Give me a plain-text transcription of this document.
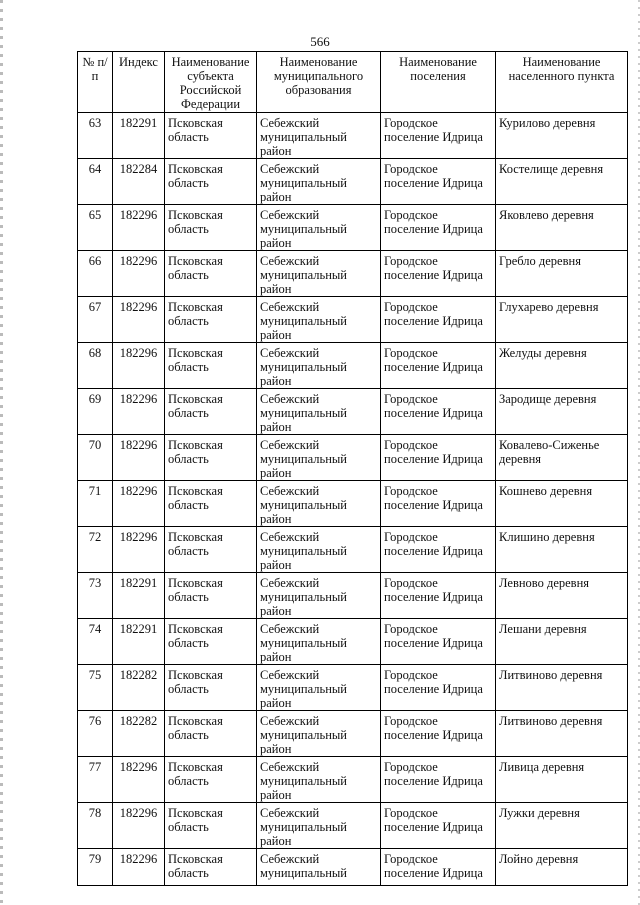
566
№ п/п	Индекс	Наименование субъекта Российской Федерации	Наименование муниципального образования	Наименование поселения	Наименование населенного пункта
63	182291	Псковская область	Себежский муниципальный район	Городское поселение Идрица	Курилово деревня
64	182284	Псковская область	Себежский муниципальный район	Городское поселение Идрица	Костелище деревня
65	182296	Псковская область	Себежский муниципальный район	Городское поселение Идрица	Яковлево деревня
66	182296	Псковская область	Себежский муниципальный район	Городское поселение Идрица	Гребло деревня
67	182296	Псковская область	Себежский муниципальный район	Городское поселение Идрица	Глухарево деревня
68	182296	Псковская область	Себежский муниципальный район	Городское поселение Идрица	Желуды деревня
69	182296	Псковская область	Себежский муниципальный район	Городское поселение Идрица	Зародище деревня
70	182296	Псковская область	Себежский муниципальный район	Городское поселение Идрица	Ковалево-Сиженье деревня
71	182296	Псковская область	Себежский муниципальный район	Городское поселение Идрица	Кошнево деревня
72	182296	Псковская область	Себежский муниципальный район	Городское поселение Идрица	Клишино деревня
73	182291	Псковская область	Себежский муниципальный район	Городское поселение Идрица	Левново деревня
74	182291	Псковская область	Себежский муниципальный район	Городское поселение Идрица	Лешани деревня
75	182282	Псковская область	Себежский муниципальный район	Городское поселение Идрица	Литвиново деревня
76	182282	Псковская область	Себежский муниципальный район	Городское поселение Идрица	Литвиново деревня
77	182296	Псковская область	Себежский муниципальный район	Городское поселение Идрица	Ливица деревня
78	182296	Псковская область	Себежский муниципальный район	Городское поселение Идрица	Лужки деревня
79	182296	Псковская область	Себежский муниципальный	Городское поселение Идрица	Лойно деревня
